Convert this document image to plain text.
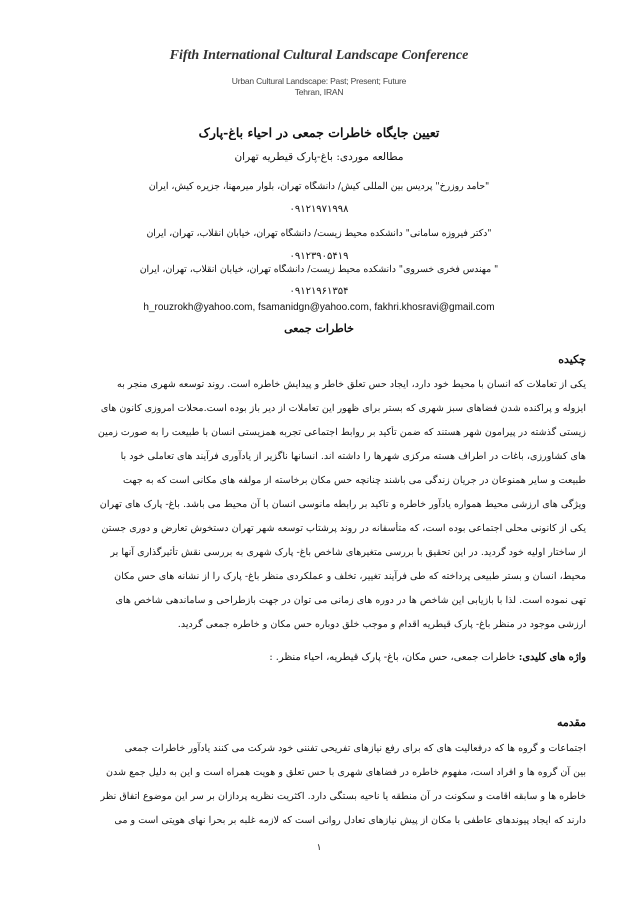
Fifth International Cultural Landscape Conference
Urban Cultural Landscape: Past; Present; Future
Tehran, IRAN
تعیین جایگاه خاطرات جمعی در احیاء باغ-پارک
مطالعه موردی: باغ-پارک قیطریه تهران
"حامد روزرخ" پردیس بین المللی کیش/ دانشگاه تهران، بلوار میرمهنا، جزیره کیش، ایران
۰۹۱۲۱۹۷۱۹۹۸
"دکتر فیروزه سامانی" دانشکده محیط زیست/ دانشگاه تهران، خیابان انقلاب، تهران، ایران
۰۹۱۲۳۹۰۵۴۱۹
" مهندس فخری خسروی" دانشکده محیط زیست/ دانشگاه تهران، خیابان انقلاب، تهران، ایران
۰۹۱۲۱۹۶۱۳۵۴
h_rouzrokh@yahoo.com, fsamanidgn@yahoo.com, fakhri.khosravi@gmail.com
خاطرات جمعی
چکیده
یکی از تعاملات که انسان با محیط خود دارد، ایجاد حس تعلق خاطر و پیدایش خاطره است. روند توسعه شهری منجر به
ایزوله و پراکنده شدن فضاهای سبز شهری که بستر برای ظهور این تعاملات از دیر باز بوده است.محلات امروزی کانون های
زیستی گذشته در پیرامون شهر هستند که ضمن تأکید بر روابط اجتماعی تجربه همزیستی انسان با طبیعت را به صورت زمین
های کشاورزی، باغات در اطراف هسته مرکزی شهرها را داشته اند. انسانها ناگزیر از یادآوری فرآیند های تعاملی خود با
طبیعت و سایر همنوعان در جریان زندگی می باشند چنانچه حس مکان برخاسته از مولفه های مکانی است که به جهت
ویژگی های ارزشی محیط همواره یادآور خاطره و تاکید بر رابطه مانوسی انسان با آن محیط می باشد. باغ- پارک های تهران
یکی از کانونی محلی اجتماعی بوده است، که متأسفانه در روند پرشتاب توسعه شهر تهران دستخوش تعارض و دوری جستن
از ساختار اولیه خود گردید. در این تحقیق با بررسی متغیرهای شاخص باغ- پارک شهری به بررسی نقش تأثیرگذاری آنها بر
محیط، انسان و بستر طبیعی پرداخته که طی فرآیند تغییر، تخلف و عملکردی منظر باغ- پارک را از نشانه های حس مکان
تهی نموده است. لذا با بازیابی این شاخص ها در دوره های زمانی می توان در جهت بازطراحی و ساماندهی شاخص های
ارزشی موجود در منظر باغ- پارک قیطریه اقدام و موجب خلق دوباره حس مکان و خاطره جمعی گردید.
واژه های کلیدی: خاطرات جمعی، حس مکان، باغ- پارک قیطریه، احیاء منظر. :
مقدمه
اجتماعات و گروه ها که درفعالیت های که برای رفع نیازهای تفریحی تفننی خود شرکت می کنند یادآور خاطرات جمعی
بین آن گروه ها و افراد است، مفهوم خاطره در فضاهای شهری با حس تعلق و هویت همراه است و این به دلیل جمع شدن
خاطره ها و سابقه اقامت و سکونت در آن منطقه یا ناحیه بستگی دارد. اکثریت نظریه پردازان بر سر این موضوع اتفاق نظر
دارند که ایجاد پیوندهای عاطفی با مکان از پیش نیازهای تعادل روانی است که لازمه غلبه بر بحرا نهای هویتی است و می
۱
